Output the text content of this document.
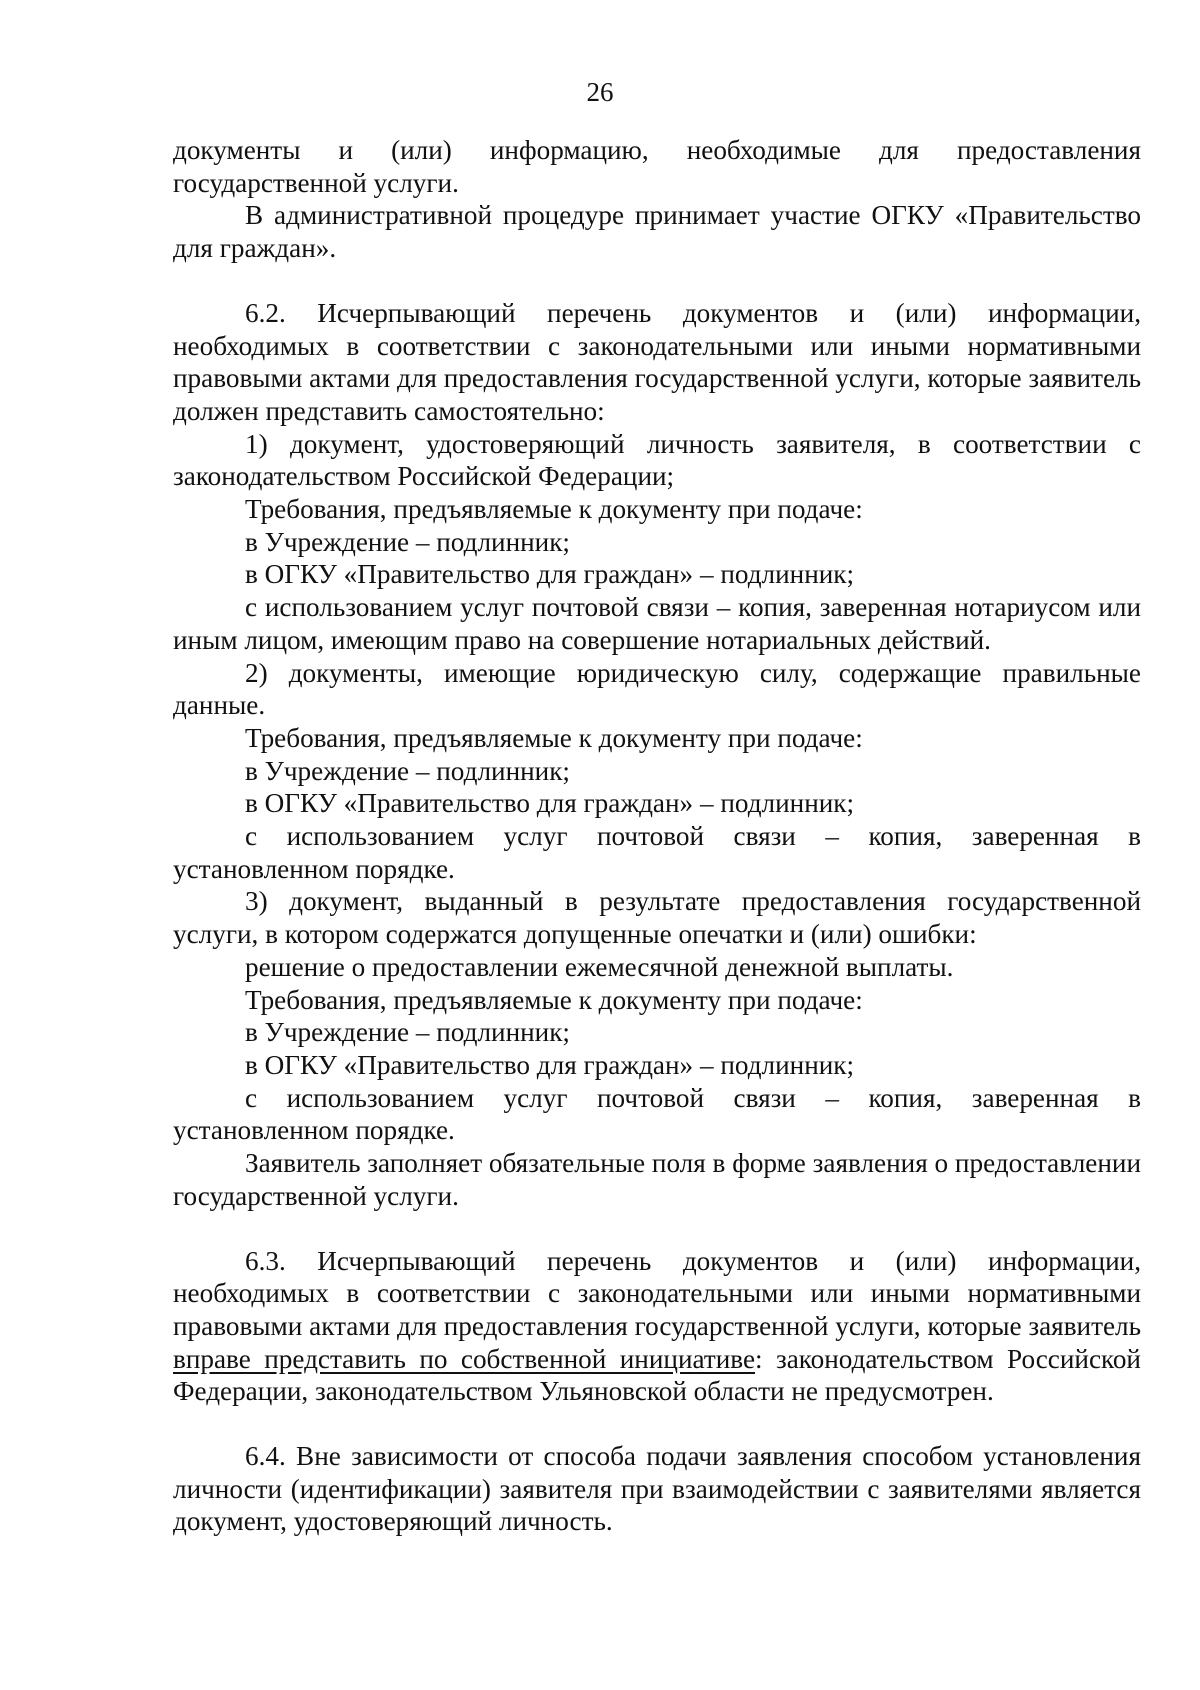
26

документы и (или) информацию, необходимые для предоставления государственной услуги.

В административной процедуре принимает участие ОГКУ «Правительство для граждан».

6.2. Исчерпывающий перечень документов и (или) информации, необходимых в соответствии с законодательными или иными нормативными правовыми актами для предоставления государственной услуги, которые заявитель должен представить самостоятельно:

1) документ, удостоверяющий личность заявителя, в соответствии с законодательством Российской Федерации;

Требования, предъявляемые к документу при подаче:

в Учреждение – подлинник;

в ОГКУ «Правительство для граждан» – подлинник;

с использованием услуг почтовой связи – копия, заверенная нотариусом или иным лицом, имеющим право на совершение нотариальных действий.

2) документы, имеющие юридическую силу, содержащие правильные данные.

Требования, предъявляемые к документу при подаче:

в Учреждение – подлинник;

в ОГКУ «Правительство для граждан» – подлинник;

с использованием услуг почтовой связи – копия, заверенная в установленном порядке.

3) документ, выданный в результате предоставления государственной услуги, в котором содержатся допущенные опечатки и (или) ошибки:

решение о предоставлении ежемесячной денежной выплаты.

Требования, предъявляемые к документу при подаче:

в Учреждение – подлинник;

в ОГКУ «Правительство для граждан» – подлинник;

с использованием услуг почтовой связи – копия, заверенная в установленном порядке.

Заявитель заполняет обязательные поля в форме заявления о предоставлении государственной услуги.

6.3. Исчерпывающий перечень документов и (или) информации, необходимых в соответствии с законодательными или иными нормативными правовыми актами для предоставления государственной услуги, которые заявитель вправе представить по собственной инициативе: законодательством Российской Федерации, законодательством Ульяновской области не предусмотрен.

6.4. Вне зависимости от способа подачи заявления способом установления личности (идентификации) заявителя при взаимодействии с заявителями является документ, удостоверяющий личность.
